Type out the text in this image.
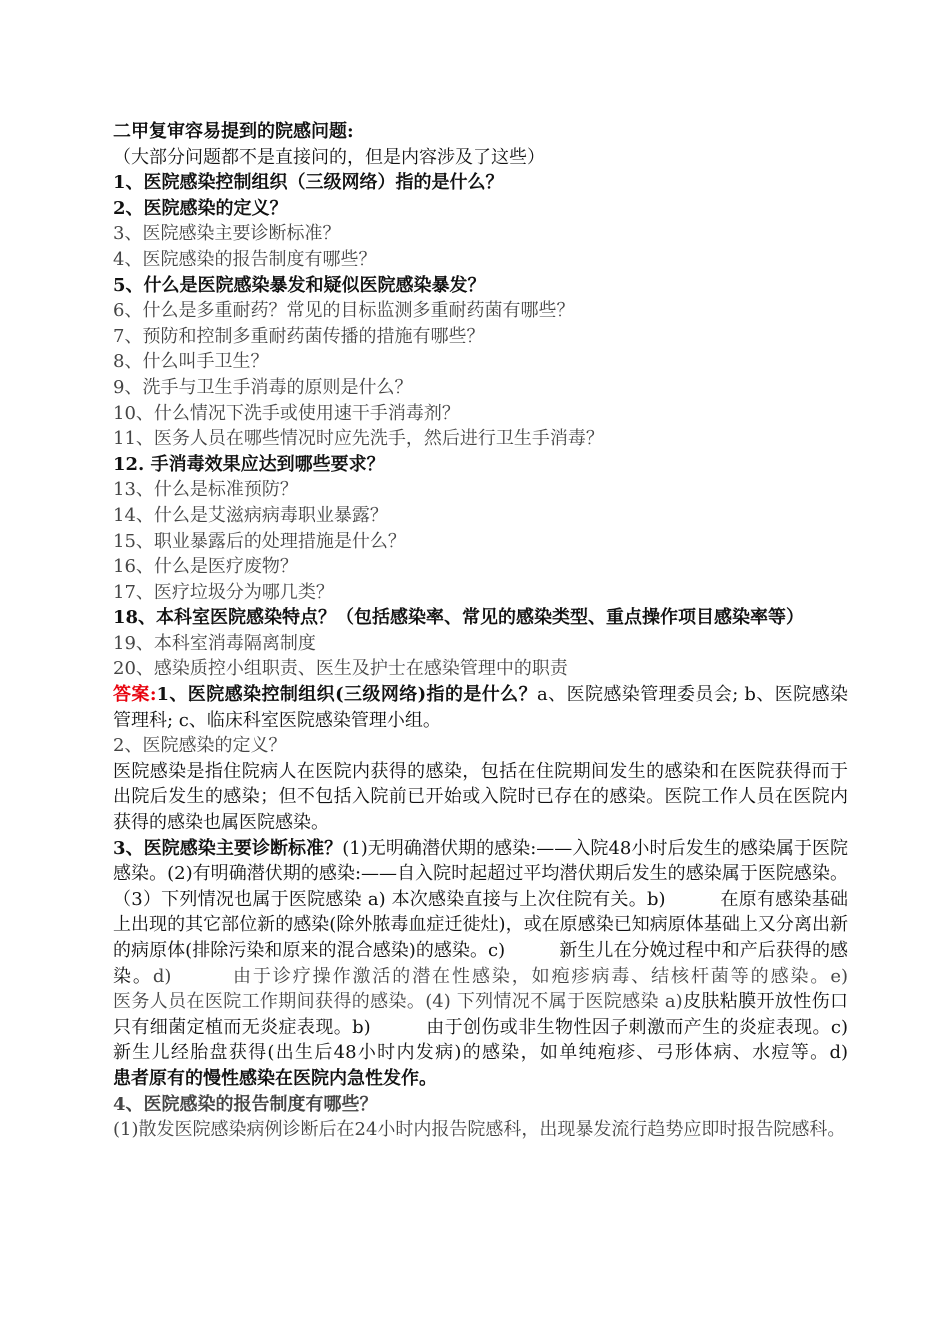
二甲复审容易提到的院感问题:
（大部分问题都不是直接问的，但是内容涉及了这些）
1、医院感染控制组织（三级网络）指的是什么？
2、医院感染的定义？
3、医院感染主要诊断标准？
4、医院感染的报告制度有哪些？
5、什么是医院感染暴发和疑似医院感染暴发？
6、什么是多重耐药？常见的目标监测多重耐药菌有哪些？
7、预防和控制多重耐药菌传播的措施有哪些？
8、什么叫手卫生？
9、洗手与卫生手消毒的原则是什么？
10、什么情况下洗手或使用速干手消毒剂？
11、医务人员在哪些情况时应先洗手，然后进行卫生手消毒？
12. 手消毒效果应达到哪些要求？
13、什么是标准预防？
14、什么是艾滋病病毒职业暴露？
15、职业暴露后的处理措施是什么？
16、什么是医疗废物？
17、医疗垃圾分为哪几类？
18、本科室医院感染特点？（包括感染率、常见的感染类型、重点操作项目感染率等）
19、本科室消毒隔离制度
20、感染质控小组职责、医生及护士在感染管理中的职责
答案:1、医院感染控制组织(三级网络)指的是什么？a、医院感染管理委员会; b、医院感染管理科; c、临床科室医院感染管理小组。
2、医院感染的定义？
医院感染是指住院病人在医院内获得的感染，包括在住院期间发生的感染和在医院获得而于出院后发生的感染；但不包括入院前已开始或入院时已存在的感染。医院工作人员在医院内获得的感染也属医院感染。
3、医院感染主要诊断标准？(1)无明确潜伏期的感染:——入院48小时后发生的感染属于医院感染。(2)有明确潜伏期的感染:——自入院时起超过平均潜伏期后发生的感染属于医院感染。（3）下列情况也属于医院感染 a) 本次感染直接与上次住院有关。b)　　　在原有感染基础上出现的其它部位新的感染(除外脓毒血症迁徙灶)，或在原感染已知病原体基础上又分离出新的病原体(排除污染和原来的混合感染)的感染。c)　　　新生儿在分娩过程中和产后获得的感染。d)　　　由于诊疗操作激活的潜在性感染，如疱疹病毒、结核杆菌等的感染。e)　　　医务人员在医院工作期间获得的感染。(4) 下列情况不属于医院感染 a)皮肤粘膜开放性伤口只有细菌定植而无炎症表现。b)　　　由于创伤或非生物性因子刺激而产生的炎症表现。c) 新生儿经胎盘获得(出生后48小时内发病)的感染，如单纯疱疹、弓形体病、水痘等。d)　　　患者原有的慢性感染在医院内急性发作。
4、医院感染的报告制度有哪些？
(1)散发医院感染病例诊断后在24小时内报告院感科，出现暴发流行趋势应即时报告院感科。
